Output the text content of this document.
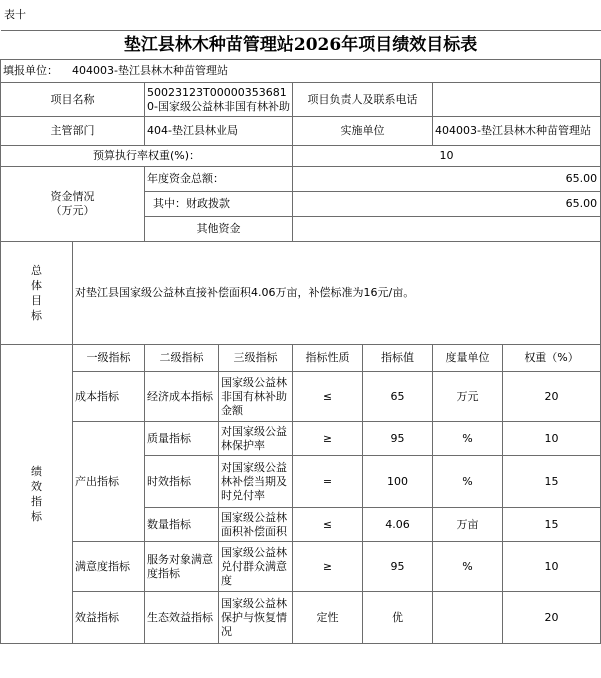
表十
垫江县林木种苗管理站2026年项目绩效目标表							
填报单位： 404003-垫江县林木种苗管理站							
项目名称		50023123T000003536810-国家级公益林非国有林补助		项目负责人及联系电话			
主管部门		404-垫江县林业局		实施单位		404003-垫江县林木种苗管理站	
预算执行率权重(%)：				10			

资金情况
（万元）		年度资金总额：		65.00			
		其中：财政拨款		65.00			
		其他资金					

总
体
目
标	对垫江县国家级公益林直接补偿面积4.06万亩，补偿标准为16元/亩。						

绩
效
指
标	一级指标	二级指标	三级指标	指标性质	指标值	度量单位	权重（%）
	成本指标	经济成本指标	国家级公益林非国有林补助金额	≤	65	万元	20
	产出指标	质量指标	对国家级公益林保护率	≥	95	%	10
		时效指标	对国家级公益林补偿当期及时兑付率	=	100	%	15
		数量指标	国家级公益林面积补偿面积	≤	4.06	万亩	15
	满意度指标	服务对象满意度指标	国家级公益林兑付群众满意度	≥	95	%	10
	效益指标	生态效益指标	国家级公益林保护与恢复情况	定性	优		20
